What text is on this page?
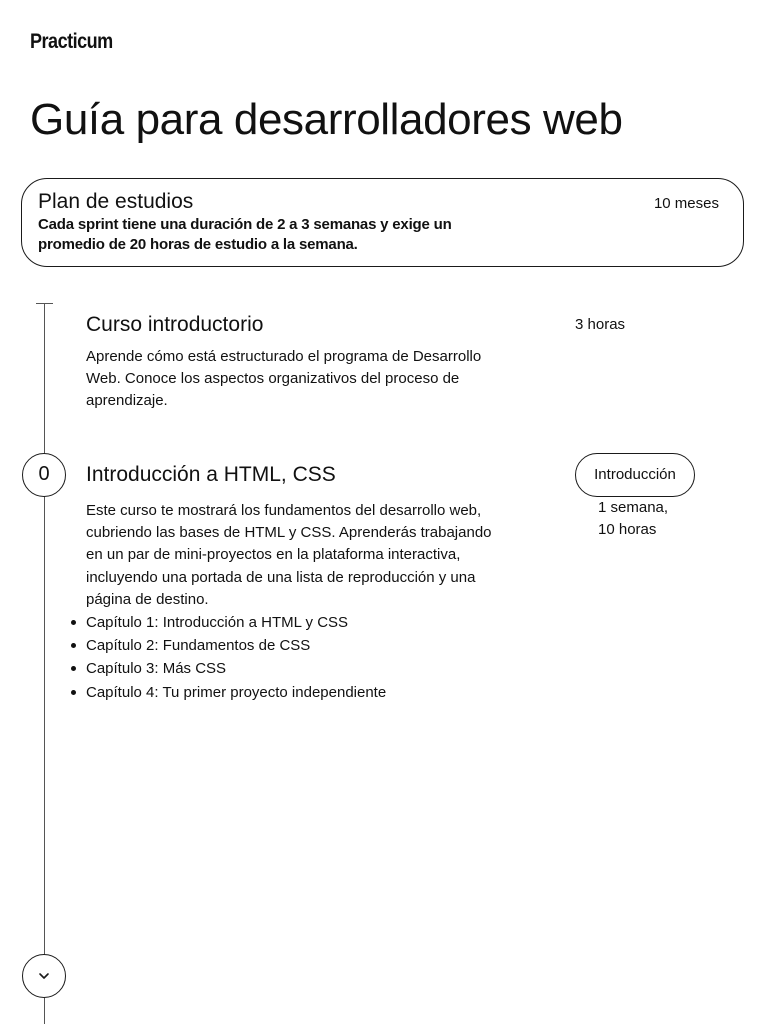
Practicum
Guía para desarrolladores web
Plan de estudios	10 meses
Cada sprint tiene una duración de 2 a 3 semanas y exige un promedio de 20 horas de estudio a la semana.
Curso introductorio	3 horas

Aprende cómo está estructurado el programa de Desarrollo Web. Conoce los aspectos organizativos del proceso de aprendizaje.

0	Introducción a HTML, CSS	Introducción
1 semana,
10 horas

Este curso te mostrará los fundamentos del desarrollo web, cubriendo las bases de HTML y CSS. Aprenderás trabajando en un par de mini-proyectos en la plataforma interactiva, incluyendo una portada de una lista de reproducción y una página de destino.

Capítulo 1: Introducción a HTML y CSS
Capítulo 2: Fundamentos de CSS
Capítulo 3: Más CSS
Capítulo 4: Tu primer proyecto independiente
